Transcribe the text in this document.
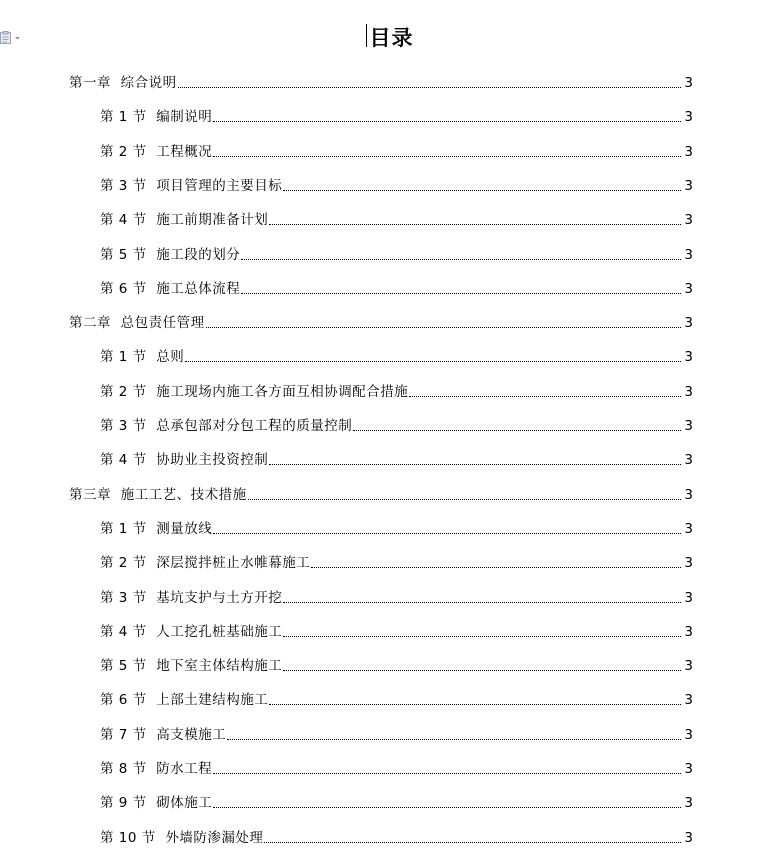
目录
第一章  综合说明	3
第 1 节  编制说明	3
第 2 节  工程概况	3
第 3 节  项目管理的主要目标	3
第 4 节  施工前期准备计划	3
第 5 节  施工段的划分	3
第 6 节  施工总体流程	3
第二章  总包责任管理	3
第 1 节  总则	3
第 2 节  施工现场内施工各方面互相协调配合措施	3
第 3 节  总承包部对分包工程的质量控制	3
第 4 节  协助业主投资控制	3
第三章  施工工艺、技术措施	3
第 1 节  测量放线	3
第 2 节  深层搅拌桩止水帷幕施工	3
第 3 节  基坑支护与土方开挖	3
第 4 节  人工挖孔桩基础施工	3
第 5 节  地下室主体结构施工	3
第 6 节  上部土建结构施工	3
第 7 节  高支模施工	3
第 8 节  防水工程	3
第 9 节  砌体施工	3
第 10 节  外墙防渗漏处理	3
